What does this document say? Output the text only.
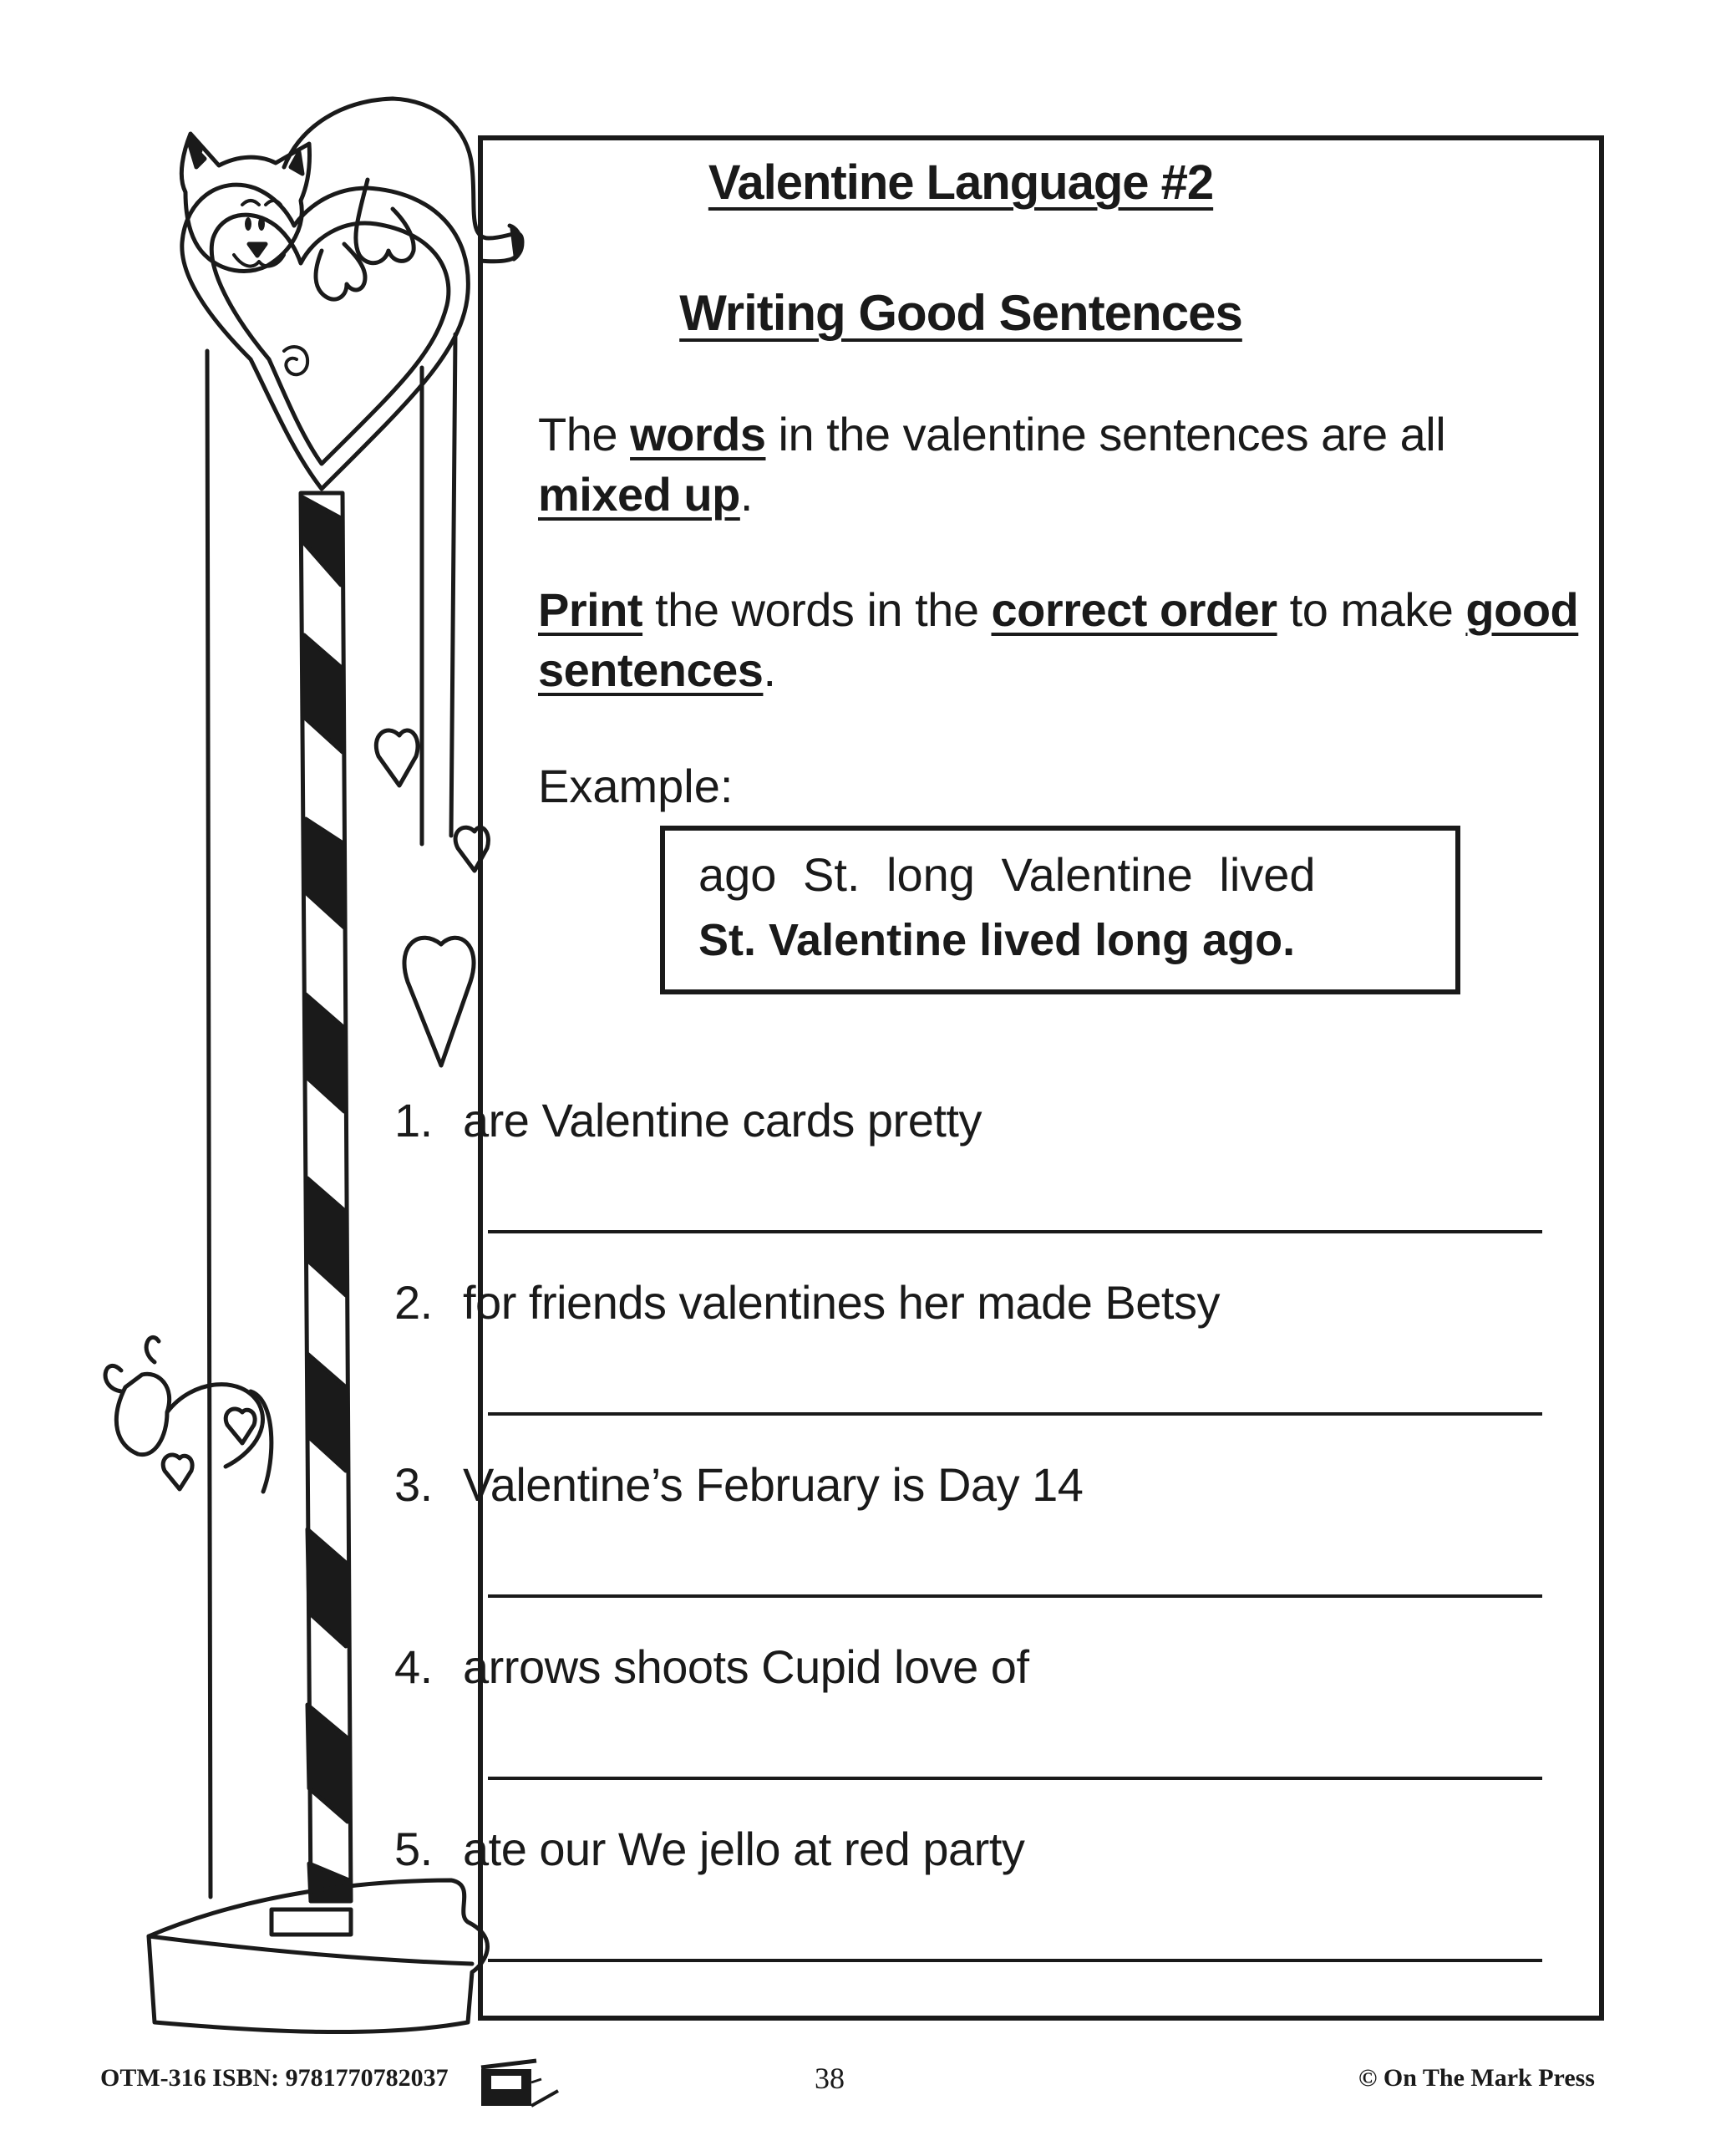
Valentine Language #2
Writing Good Sentences
The words in the valentine sentences are all mixed up.
Print the words in the correct order to make good sentences.
Example:
ago St. long Valentine lived
St. Valentine lived long ago.
1. are Valentine cards pretty
2. for friends valentines her made Betsy
3. Valentine’s February is Day 14
4. arrows shoots Cupid love of
5. ate our We jello at red party
OTM-316 ISBN: 9781770782037	38	© On The Mark Press
